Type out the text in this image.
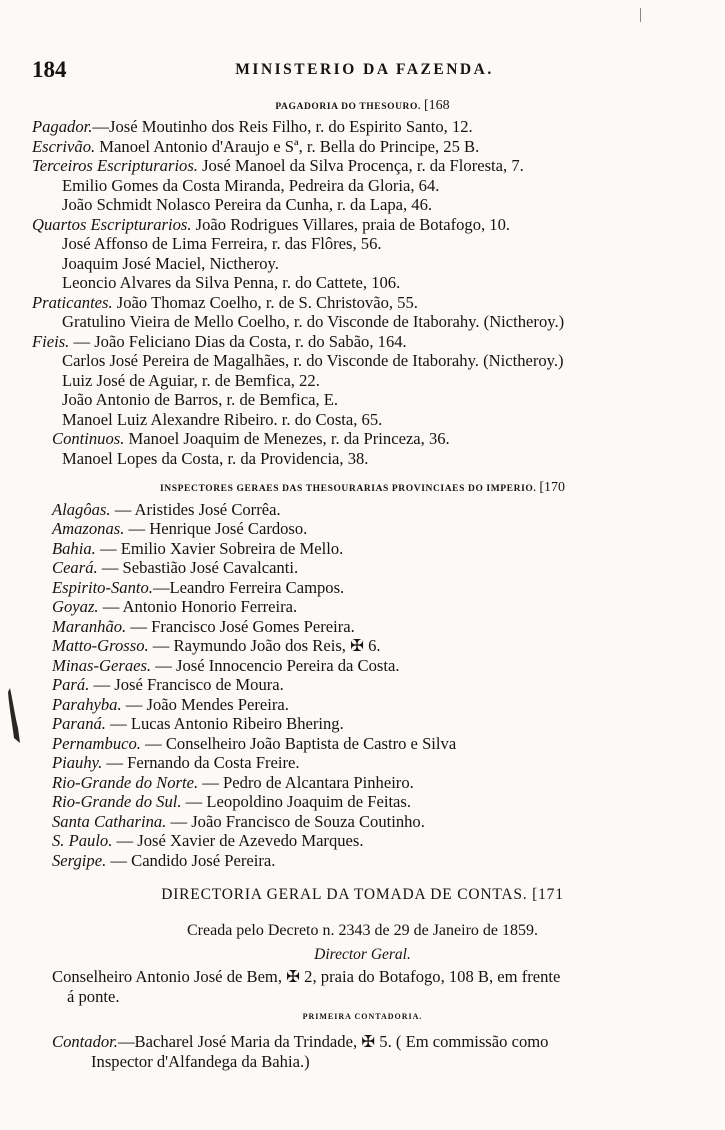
184	MINISTERIO DA FAZENDA.
PAGADORIA DO THESOURO. [168
Pagador.—José Moutinho dos Reis Filho, r. do Espirito Santo, 12.
Escrivão. Manoel Antonio d'Araujo e Sª, r. Bella do Principe, 25 B.
Terceiros Escripturarios. José Manoel da Silva Procença, r. da Floresta, 7.
Emilio Gomes da Costa Miranda, Pedreira da Gloria, 64.
João Schmidt Nolasco Pereira da Cunha, r. da Lapa, 46.
Quartos Escripturarios. João Rodrigues Villares, praia de Botafogo, 10.
José Affonso de Lima Ferreira, r. das Flôres, 56.
Joaquim José Maciel, Nictheroy.
Leoncio Alvares da Silva Penna, r. do Cattete, 106.
Praticantes. João Thomaz Coelho, r. de S. Christovão, 55.
Gratulino Vieira de Mello Coelho, r. do Visconde de Itaborahy. (Nictheroy.)
Fieis. — João Feliciano Dias da Costa, r. do Sabão, 164.
Carlos José Pereira de Magalhães, r. do Visconde de Itaborahy. (Nictheroy.)
Luiz José de Aguiar, r. de Bemfica, 22.
João Antonio de Barros, r. de Bemfica, E.
Manoel Luiz Alexandre Ribeiro. r. do Costa, 65.
Continuos. Manoel Joaquim de Menezes, r. da Princeza, 36.
Manoel Lopes da Costa, r. da Providencia, 38.
INSPECTORES GERAES DAS THESOURARIAS PROVINCIAES DO IMPERIO. [170
Alagôas. — Aristides José Corrêa.
Amazonas. — Henrique José Cardoso.
Bahia. — Emilio Xavier Sobreira de Mello.
Ceará. — Sebastião José Cavalcanti.
Espirito-Santo.—Leandro Ferreira Campos.
Goyaz. — Antonio Honorio Ferreira.
Maranhão. — Francisco José Gomes Pereira.
Matto-Grosso. — Raymundo João dos Reis, ✠ 6.
Minas-Geraes. — José Innocencio Pereira da Costa.
Pará. — José Francisco de Moura.
Parahyba. — João Mendes Pereira.
Paraná. — Lucas Antonio Ribeiro Bhering.
Pernambuco. — Conselheiro João Baptista de Castro e Silva
Piauhy. — Fernando da Costa Freire.
Rio-Grande do Norte. — Pedro de Alcantara Pinheiro.
Rio-Grande do Sul. — Leopoldino Joaquim de Feitas.
Santa Catharina. — João Francisco de Souza Coutinho.
S. Paulo. — José Xavier de Azevedo Marques.
Sergipe. — Candido José Pereira.
DIRECTORIA GERAL DA TOMADA DE CONTAS. [171
Creada pelo Decreto n. 2343 de 29 de Janeiro de 1859.
Director Geral.
Conselheiro Antonio José de Bem, ✠ 2, praia do Botafogo, 108 B, em frente
á ponte.
PRIMEIRA CONTADORIA.
Contador.—Bacharel José Maria da Trindade, ✠ 5. ( Em commissão como
Inspector d'Alfandega da Bahia.)
